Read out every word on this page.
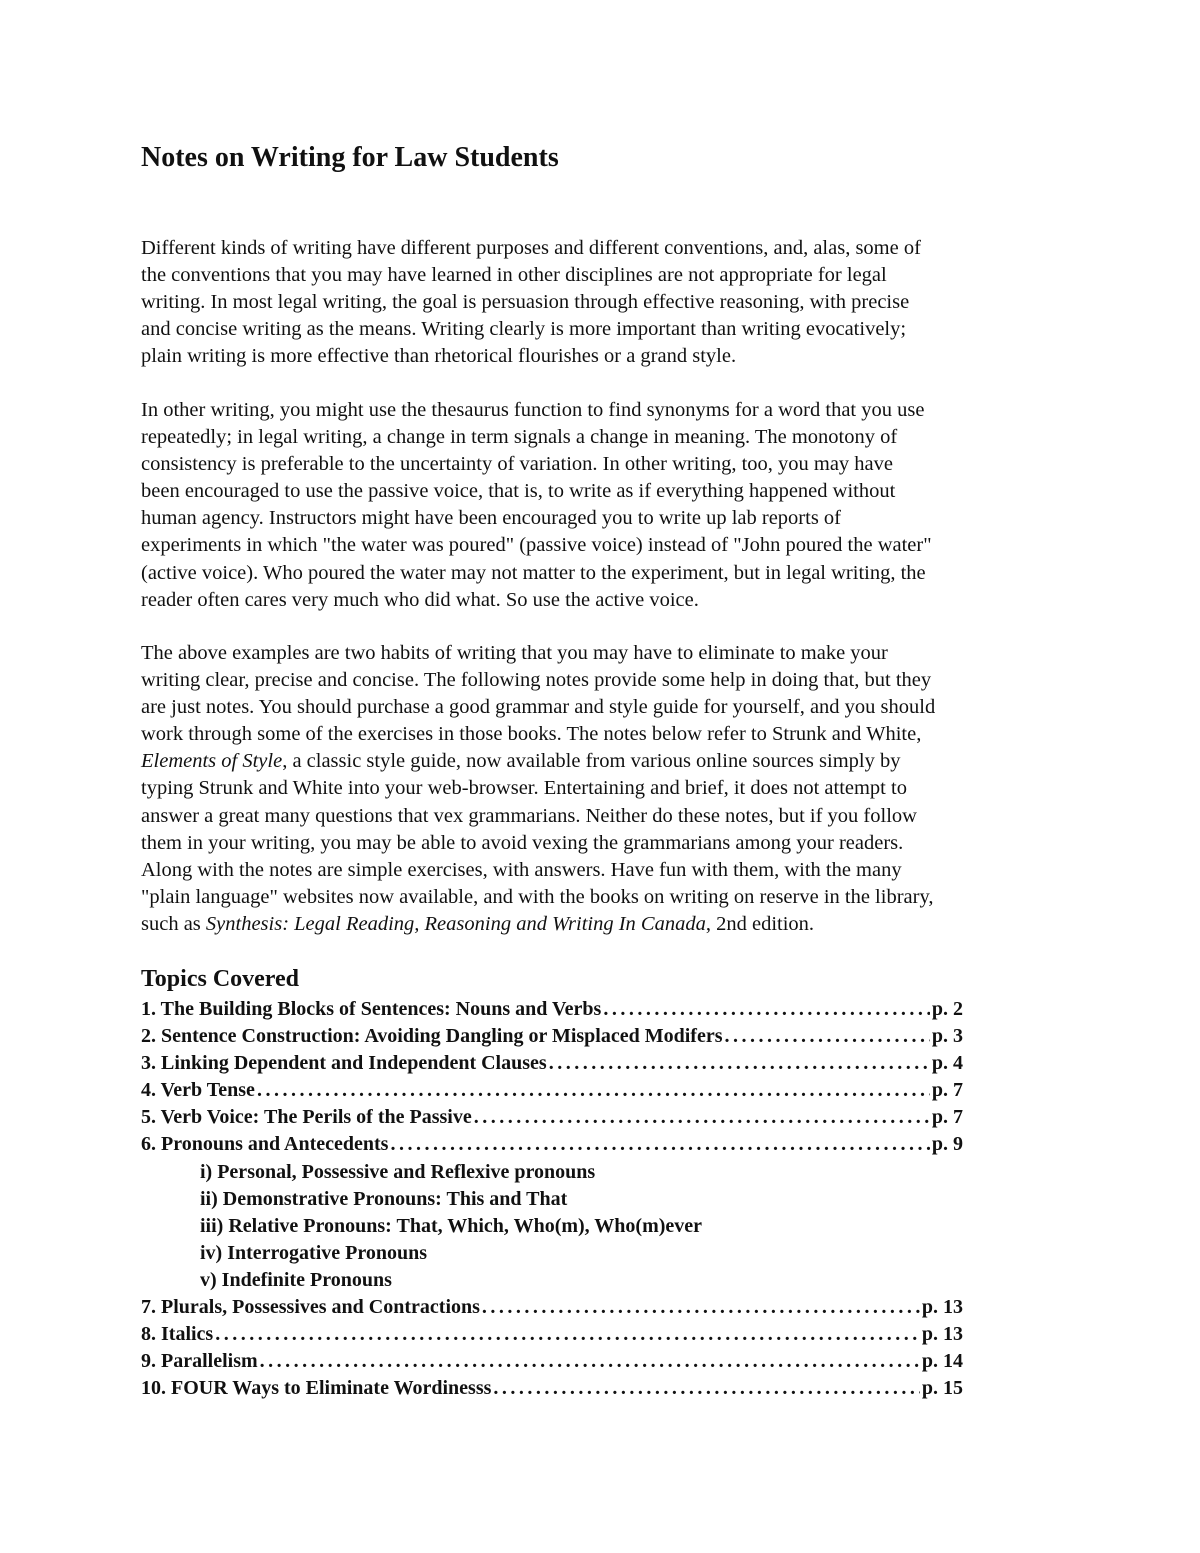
Notes on Writing for Law Students
Different kinds of writing have different purposes and different conventions, and, alas, some of
the conventions that you may have learned in other disciplines are not appropriate for legal
writing. In most legal writing, the goal is persuasion through effective reasoning, with precise
and concise writing as the means. Writing clearly is more important than writing evocatively;
plain writing is more effective than rhetorical flourishes or a grand style.
In other writing, you might use the thesaurus function to find synonyms for a word that you use
repeatedly; in legal writing, a change in term signals a change in meaning. The monotony of
consistency is preferable to the uncertainty of variation. In other writing, too, you may have
been encouraged to use the passive voice, that is, to write as if everything happened without
human agency. Instructors might have been encouraged you to write up lab reports of
experiments in which "the water was poured" (passive voice) instead of "John poured the water"
(active voice). Who poured the water may not matter to the experiment, but in legal writing, the
reader often cares very much who did what. So use the active voice.
The above examples are two habits of writing that you may have to eliminate to make your
writing clear, precise and concise. The following notes provide some help in doing that, but they
are just notes. You should purchase a good grammar and style guide for yourself, and you should
work through some of the exercises in those books. The notes below refer to Strunk and White,
Elements of Style, a classic style guide, now available from various online sources simply by
typing Strunk and White into your web-browser. Entertaining and brief, it does not attempt to
answer a great many questions that vex grammarians. Neither do these notes, but if you follow
them in your writing, you may be able to avoid vexing the grammarians among your readers.
Along with the notes are simple exercises, with answers. Have fun with them, with the many
"plain language" websites now available, and with the books on writing on reserve in the library,
such as Synthesis: Legal Reading, Reasoning and Writing In Canada, 2nd edition.
Topics Covered
1. The Building Blocks of Sentences: Nouns and Verbs .....	p. 2
2. Sentence Construction: Avoiding Dangling or Misplaced Modifers .....	p. 3
3. Linking Dependent and Independent Clauses .....	p. 4
4. Verb Tense .....	p. 7
5. Verb Voice: The Perils of the Passive .....	p. 7
6. Pronouns and Antecedents .....	p. 9
i) Personal, Possessive and Reflexive pronouns
ii) Demonstrative Pronouns: This and That
iii) Relative Pronouns: That, Which, Who(m), Who(m)ever
iv) Interrogative Pronouns
v) Indefinite Pronouns
7. Plurals, Possessives and Contractions .....	p. 13
8. Italics .....	p. 13
9. Parallelism .....	p. 14
10. FOUR Ways to Eliminate Wordinesss .....	p. 15
